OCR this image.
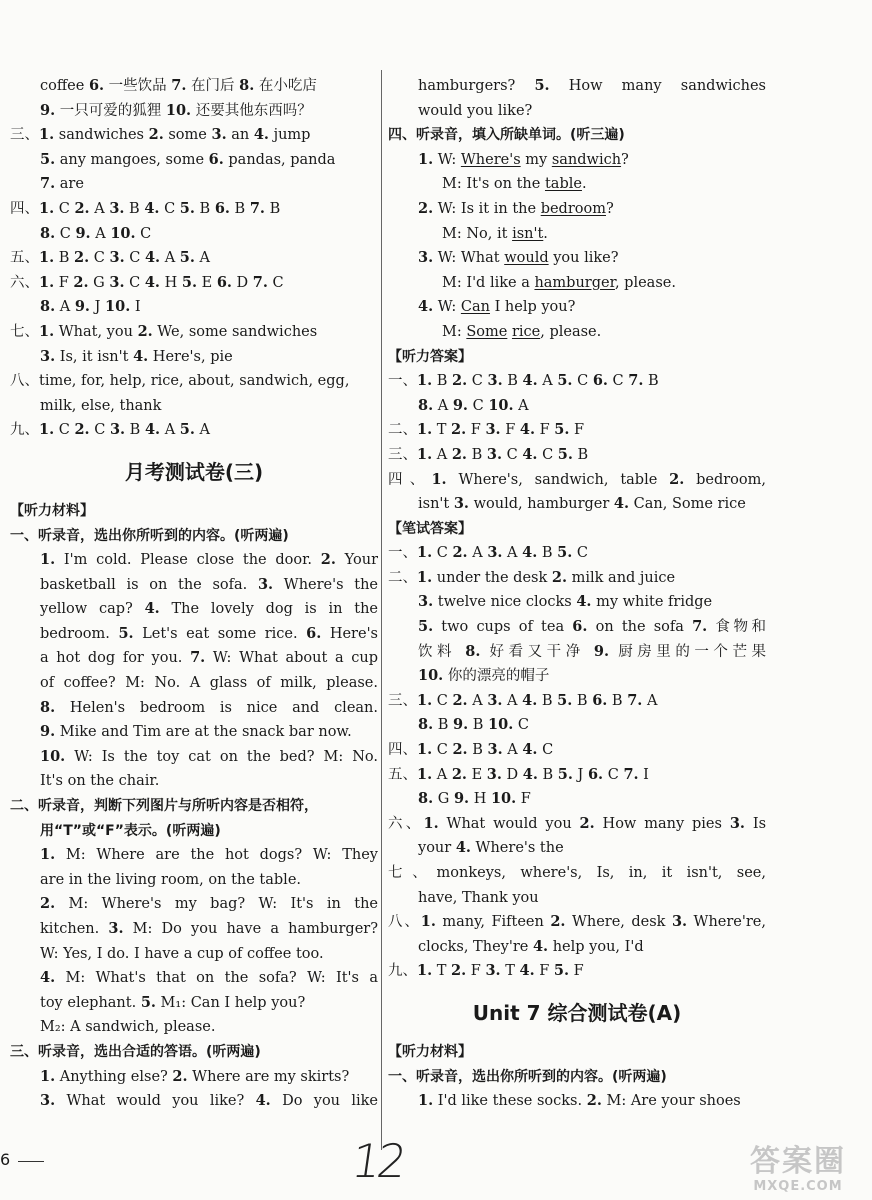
coffee 6. 一些饮品 7. 在门后 8. 在小吃店
9. 一只可爱的狐狸 10. 还要其他东西吗？
三、1. sandwiches 2. some 3. an 4. jump
5. any mangoes, some 6. pandas, panda
7. are
四、1. C 2. A 3. B 4. C 5. B 6. B 7. B
8. C 9. A 10. C
五、1. B 2. C 3. C 4. A 5. A
六、1. F 2. G 3. C 4. H 5. E 6. D 7. C
8. A 9. J 10. I
七、1. What, you 2. We, some sandwiches
3. Is, it isn't 4. Here's, pie
八、time, for, help, rice, about, sandwich, egg,
milk, else, thank
九、1. C 2. C 3. B 4. A 5. A
月考测试卷(三)
【听力材料】
一、听录音，选出你所听到的内容。(听两遍)
1. I'm cold. Please close the door. 2. Your
basketball is on the sofa. 3. Where's the
yellow cap? 4. The lovely dog is in the
bedroom. 5. Let's eat some rice. 6. Here's
a hot dog for you. 7. W: What about a cup
of coffee? M: No. A glass of milk, please.
8. Helen's bedroom is nice and clean.
9. Mike and Tim are at the snack bar now.
10. W: Is the toy cat on the bed? M: No.
It's on the chair.
二、听录音，判断下列图片与所听内容是否相符，
用“T”或“F”表示。(听两遍)
1. M: Where are the hot dogs? W: They
are in the living room, on the table.
2. M: Where's my bag? W: It's in the
kitchen. 3. M: Do you have a hamburger?
W: Yes, I do. I have a cup of coffee too.
4. M: What's that on the sofa? W: It's a
toy elephant. 5. M₁: Can I help you?
M₂: A sandwich, please.
三、听录音，选出合适的答语。(听两遍)
1. Anything else? 2. Where are my skirts?
3. What would you like? 4. Do you like
hamburgers? 5. How many sandwiches
would you like?
四、听录音，填入所缺单词。(听三遍)
1. W: Where's my sandwich?
M: It's on the table.
2. W: Is it in the bedroom?
M: No, it isn't.
3. W: What would you like?
M: I'd like a hamburger, please.
4. W: Can I help you?
M: Some rice, please.
【听力答案】
一、1. B 2. C 3. B 4. A 5. C 6. C 7. B
8. A 9. C 10. A
二、1. T 2. F 3. F 4. F 5. F
三、1. A 2. B 3. C 4. C 5. B
四、1. Where's, sandwich, table 2. bedroom,
isn't 3. would, hamburger 4. Can, Some rice
【笔试答案】
一、1. C 2. A 3. A 4. B 5. C
二、1. under the desk 2. milk and juice
3. twelve nice clocks 4. my white fridge
5. two cups of tea 6. on the sofa 7. 食物和
饮料 8. 好看又干净 9. 厨房里的一个芒果
10. 你的漂亮的帽子
三、1. C 2. A 3. A 4. B 5. B 6. B 7. A
8. B 9. B 10. C
四、1. C 2. B 3. A 4. C
五、1. A 2. E 3. D 4. B 5. J 6. C 7. I
8. G 9. H 10. F
六、1. What would you 2. How many pies 3. Is
your 4. Where's the
七、monkeys, where's, Is, in, it isn't, see,
have, Thank you
八、1. many, Fifteen 2. Where, desk 3. Where're,
clocks, They're 4. help you, I'd
九、1. T 2. F 3. T 4. F 5. F
Unit 7 综合测试卷(A)
【听力材料】
一、听录音，选出你所听到的内容。(听两遍)
1. I'd like these socks. 2. M: Are your shoes
6	12	答案圈
MXQE.COM
